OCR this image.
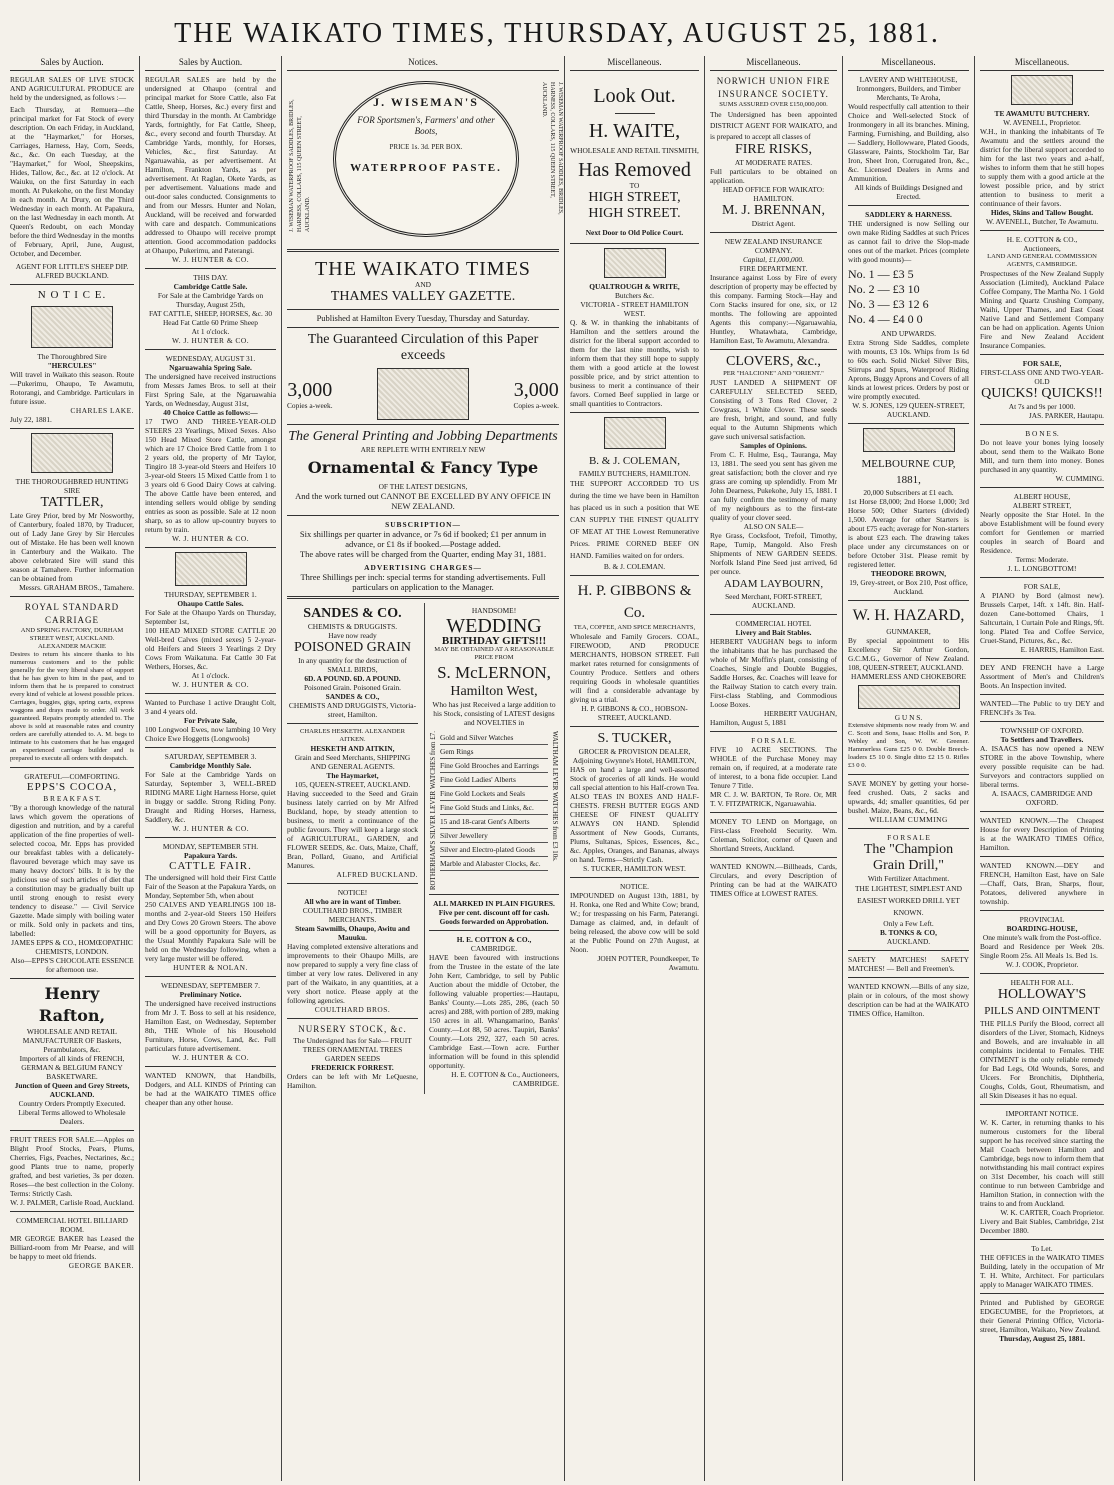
THE WAIKATO TIMES, THURSDAY, AUGUST 25, 1881.
Sales by Auction.
REGULAR SALES OF LIVE STOCK AND AGRICULTURAL PRODUCE are held by the undersigned, as follows :—
Each Thursday, at Remuera—the principal market for Fat Stock of every description. On each Friday, in Auckland, at the "Haymarket," for Horses, Carriages, Harness, Hay, Corn, Seeds, &c., &c. On each Tuesday, at the "Haymarket," for Wool, Sheepskins, Hides, Tallow, &c., &c. at 12 o'clock. At Waiuku, on the first Saturday in each month. At Pukekohe, on the first Monday in each month. At Drury, on the Third Wednesday in each month. At Papakura, on the last Wednesday in each month. At Queen's Redoubt, on each Monday before the third Wednesday in the months of February, April, June, August, October, and December.
AGENT FOR LITTLE'S SHEEP DIP.
ALFRED BUCKLAND.
N O T I C E.
The Thoroughbred Sire
"HERCULES"
Will travel in Waikato this season. Route—Pukerimu, Ohaupo, Te Awamutu, Rotorangi, and Cambridge. Particulars in future issue.
CHARLES LAKE.
July 22, 1881.
THE THOROUGHBRED HUNTING SIRE
TATTLER,
Late Grey Prior, bred by Mr Nosworthy, of Canterbury, foaled 1870, by Traducer, out of Lady Jane Grey by Sir Hercules out of Mistake. He has been well known in Canterbury and the Waikato. The above celebrated Sire will stand this season at Tamahere. Further information can be obtained from
Messrs. GRAHAM BROS., Tamahere.
ROYAL STANDARD CARRIAGE
AND SPRING FACTORY, DURHAM STREET WEST, AUCKLAND.
ALEXANDER MACKIE
Desires to return his sincere thanks to his numerous customers and to the public generally for the very liberal share of support that he has given to him in the past, and to inform them that he is prepared to construct every kind of vehicle at lowest possible prices. Carriages, buggies, gigs, spring carts, express waggons and drays made to order. All work guaranteed. Repairs promptly attended to. The above is sold at reasonable rates and country orders are carefully attended to. A. M. begs to intimate to his customers that he has engaged an experienced carriage builder and is prepared to execute all orders with despatch.
GRATEFUL—COMFORTING.
EPPS'S COCOA,
B R E A K F A S T.
"By a thorough knowledge of the natural laws which govern the operations of digestion and nutrition, and by a careful application of the fine properties of well-selected cocoa, Mr. Epps has provided our breakfast tables with a delicately-flavoured beverage which may save us many heavy doctors' bills. It is by the judicious use of such articles of diet that a constitution may be gradually built up until strong enough to resist every tendency to disease." — Civil Service Gazette. Made simply with boiling water or milk. Sold only in packets and tins, labelled:
JAMES EPPS & CO., HOMŒOPATHIC CHEMISTS, LONDON.
Also—EPPS'S CHOCOLATE ESSENCE for afternoon use.
Henry Rafton,
WHOLESALE AND RETAIL MANUFACTURER OF Baskets, Perambulators, &c.
Importers of all kinds of FRENCH, GERMAN & BELGIUM FANCY BASKETWARE.
Junction of Queen and Grey Streets, AUCKLAND.
Country Orders Promptly Executed.
Liberal Terms allowed to Wholesale Dealers.
FRUIT TREES FOR SALE.—Apples on Blight Proof Stocks, Pears, Plums, Cherries, Figs, Peaches, Nectarines, &c.; good Plants true to name, properly grafted, and best varieties, 3s per dozen. Roses—the best collection in the Colony. Terms: Strictly Cash.
W. J. PALMER, Carlisle Road, Auckland.
COMMERCIAL HOTEL BILLIARD ROOM.
MR GEORGE BAKER has Leased the Billiard-room from Mr Pearse, and will be happy to meet old friends.
GEORGE BAKER.
Sales by Auction.
REGULAR SALES are held by the undersigned at Ohaupo (central and principal market for Store Cattle, also Fat Cattle, Sheep, Horses, &c.) every first and third Thursday in the month. At Cambridge Yards, fortnightly, for Fat Cattle, Sheep, &c., every second and fourth Thursday. At Cambridge Yards, monthly, for Horses, Vehicles, &c., first Saturday. At Ngaruawahia, as per advertisement. At Hamilton, Frankton Yards, as per advertisement. At Raglan, Okete Yards, as per advertisement. Valuations made and out-door sales conducted. Consignments to and from our Messrs. Hunter and Nolan, Auckland, will be received and forwarded with care and despatch. Communications addressed to Ohaupo will receive prompt attention. Good accommodation paddocks at Ohaupo, Pukerimu, and Paterangi.
W. J. HUNTER & CO.
THIS DAY.
Cambridge Cattle Sale.
For Sale at the Cambridge Yards on Thursday, August 25th,
FAT CATTLE, SHEEP, HORSES, &c. 30 Head Fat Cattle 60 Prime Sheep
At 1 o'clock.
W. J. HUNTER & CO.
WEDNESDAY, AUGUST 31.
Ngaruawahia Spring Sale.
The undersigned have received instructions from Messrs James Bros. to sell at their First Spring Sale, at the Ngaruawahia Yards, on Wednesday, August 31st,
40 Choice Cattle as follows:—
17 TWO AND THREE-YEAR-OLD STEERS 23 Yearlings, Mixed Sexes. Also 150 Head Mixed Store Cattle, amongst which are 17 Choice Bred Cattle from 1 to 2 years old, the property of Mr Taylor, Tingiro 18 3-year-old Steers and Heifers 10 3-year-old Steers 15 Mixed Cattle from 1 to 3 years old 6 Good Dairy Cows at calving. The above Cattle have been entered, and intending sellers would oblige by sending entries as soon as possible. Sale at 12 noon sharp, so as to allow up-country buyers to return by train.
W. J. HUNTER & CO.
THURSDAY, SEPTEMBER 1.
Ohaupo Cattle Sales.
For Sale at the Ohaupo Yards on Thursday, September 1st,
100 HEAD MIXED STORE CATTLE 20 Well-bred Calves (mixed sexes) 5 2-year-old Heifers and Steers 3 Yearlings 2 Dry Cows From Waikatuna. Fat Cattle 30 Fat Wethers, Horses, &c.
At 1 o'clock.
W. J. HUNTER & CO.
Wanted to Purchase 1 active Draught Colt, 3 and 4 years old.
For Private Sale,
100 Longwool Ewes, now lambing 10 Very Choice Ewe Hoggetts (Longwools)
SATURDAY, SEPTEMBER 3.
Cambridge Monthly Sale.
For Sale at the Cambridge Yards on Saturday, September 3, WELL-BRED RIDING MARE Light Harness Horse, quiet in buggy or saddle. Strong Riding Pony. Draught and Riding Horses, Harness, Saddlery, &c.
W. J. HUNTER & CO.
MONDAY, SEPTEMBER 5TH.
Papakura Yards.
CATTLE FAIR.
The undersigned will hold their First Cattle Fair of the Season at the Papakura Yards, on Monday, September 5th, when about
250 CALVES AND YEARLINGS 100 18-months and 2-year-old Steers 150 Heifers and Dry Cows 20 Grown Steers. The above will be a good opportunity for Buyers, as the Usual Monthly Papakura Sale will be held on the Wednesday following, when a very large muster will be offered.
HUNTER & NOLAN.
WEDNESDAY, SEPTEMBER 7.
Preliminary Notice.
The undersigned have received instructions from Mr J. T. Boss to sell at his residence, Hamilton East, on Wednesday, September 8th, THE Whole of his Household Furniture, Horse, Cows, Land, &c. Full particulars future advertisement.
W. J. HUNTER & CO.
WANTED KNOWN, that Handbills, Dodgers, and ALL KINDS of Printing can be had at the WAIKATO TIMES office cheaper than any other house.
Notices.
J. WISEMAN WATERPROOF SADDLES, BRIDLES, HARNESS, COLLARS, 115 QUEEN STREET, AUCKLAND.
J. WISEMAN'S
FOR Sportsmen's, Farmers' and other Boots,
PRICE 1s. 3d. PER BOX.
WATERPROOF PASTE.	J. WISEMAN WATERPROOF SADDLES, BRIDLES, HARNESS, COLLARS, 115 QUEEN STREET, AUCKLAND.
THE WAIKATO TIMES
AND
THAMES VALLEY GAZETTE.
Published at Hamilton Every Tuesday, Thursday and Saturday.
The Guaranteed Circulation of this Paper exceeds
3,000
Copies a-week.
3,000
Copies a-week.
The General Printing and Jobbing Departments
ARE REPLETE WITH ENTIRELY NEW
Ornamental & Fancy Type
OF THE LATEST DESIGNS,
And the work turned out CANNOT BE EXCELLED BY ANY OFFICE IN NEW ZEALAND.
SUBSCRIPTION—
Six shillings per quarter in advance, or 7s 6d if booked; £1 per annum in advance, or £1 8s if booked.—Postage added.
The above rates will be charged from the Quarter, ending May 31, 1881.
ADVERTISING CHARGES—
Three Shillings per inch: special terms for standing advertisements. Full particulars on application to the Manager.
SANDES & CO.
CHEMISTS & DRUGGISTS.
Have now ready
POISONED GRAIN
In any quantity for the destruction of SMALL BIRDS,
6D. A POUND. 6D. A POUND.
Poisoned Grain. Poisoned Grain.
SANDES & CO.,
CHEMISTS AND DRUGGISTS, Victoria-street, Hamilton.
CHARLES HESKETH. ALEXANDER AITKEN.
HESKETH AND AITKIN,
Grain and Seed Merchants, SHIPPING AND GENERAL AGENTS.
The Haymarket,
105, QUEEN-STREET, AUCKLAND.
Having succeeded to the Seed and Grain business lately carried on by Mr Alfred Buckland, hope, by steady attention to business, to merit a continuance of the public favours. They will keep a large stock of AGRICULTURAL, GARDEN, and FLOWER SEEDS, &c. Oats, Maize, Chaff, Bran, Pollard, Guano, and Artificial Manures.
ALFRED BUCKLAND.
NOTICE!
All who are in want of Timber.
COULTHARD BROS., TIMBER MERCHANTS.
Steam Sawmills, Ohaupo, Awitu and Mauuku.
Having completed extensive alterations and improvements to their Ohaupo Mills, are now prepared to supply a very fine class of timber at very low rates. Delivered in any part of the Waikato, in any quantities, at a very short notice. Please apply at the following agencies.
COULTHARD BROS.
NURSERY STOCK, &c.
The Undersigned has for Sale— FRUIT TREES ORNAMENTAL TREES GARDEN SEEDS
FREDERICK FORREST.
Orders can be left with Mr LeQuesne, Hamilton.
HANDSOME!
WEDDING
BIRTHDAY GIFTS!!!
MAY BE OBTAINED AT A REASONABLE PRICE FROM
S. McLERNON,
Hamilton West,
Who has just Received a large addition to his Stock, consisting of LATEST designs and NOVELTIES in
ROTHERHAM'S SILVER LEVER WATCHES from £7. Gold and Silver Watches
Gem Rings
Fine Gold Brooches and Earrings
Fine Gold Ladies' Alberts
Fine Gold Lockets and Seals
Fine Gold Studs and Links, &c.
15 and 18-carat Gent's Alberts
Silver Jewellery
Silver and Electro-plated Goods
Marble and Alabaster Clocks, &c.
WALTHAM LEVER WATCHES from £3 10s.
ALL MARKED IN PLAIN FIGURES. Five per cent. discount off for cash.
Goods forwarded on Approbation.
H. E. COTTON & CO.,
CAMBRIDGE.
HAVE been favoured with instructions from the Trustee in the estate of the late John Kerr, Cambridge, to sell by Public Auction about the middle of October, the following valuable properties:—Hautapu, Banks' County.—Lots 285, 286, (each 50 acres) and 288, with portion of 289, making 150 acres in all. Whangamarino, Banks' County.—Lot 88, 50 acres. Taupiri, Banks' County.—Lots 292, 327, each 50 acres. Cambridge East.—Town acre. Further information will be found in this splendid opportunity.
H. E. COTTON & Co., Auctioneers, CAMBRIDGE.
Miscellaneous.
Look Out.
H. WAITE,
WHOLESALE AND RETAIL TINSMITH,
Has Removed
TO
HIGH STREET, HIGH STREET.
Next Door to Old Police Court.
QUALTROUGH & WRITE,
Butchers &c.
VICTORIA - STREET HAMILTON WEST.
Q. & W. in thanking the inhabitants of Hamilton and the settlers around the district for the liberal support accorded to them for the last nine months, wish to inform them that they still hope to supply them with a good article at the lowest possible price, and by strict attention to business to merit a continuance of their favors. Corned Beef supplied in large or small quantities to Contractors.
B. & J. COLEMAN,
FAMILY BUTCHERS, HAMILTON.
THE SUPPORT ACCORDED TO US during the time we have been in Hamilton has placed us in such a position that WE CAN SUPPLY THE FINEST QUALITY OF MEAT AT THE Lowest Remunerative Prices. PRIME CORNED BEEF ON HAND. Families waited on for orders.
B. & J. COLEMAN.
H. P. GIBBONS & Co.
TEA, COFFEE, AND SPICE MERCHANTS,
Wholesale and Family Grocers. COAL, FIREWOOD, AND PRODUCE MERCHANTS, HOBSON STREET. Full market rates returned for consignments of Country Produce. Settlers and others requiring Goods in wholesale quantities will find a considerable advantage by giving us a trial.
H. P. GIBBONS & CO., HOBSON-STREET, AUCKLAND.
S. TUCKER,
GROCER & PROVISION DEALER, Adjoining Gwynne's Hotel, HAMILTON,
HAS on hand a large and well-assorted Stock of groceries of all kinds. He would call special attention to his Half-crown Tea. ALSO TEAS IN BOXES AND HALF-CHESTS. FRESH BUTTER EGGS AND CHEESE OF FINEST QUALITY ALWAYS ON HAND. Splendid Assortment of New Goods, Currants, Plums, Sultanas, Spices, Essences, &c., &c. Apples, Oranges, and Bananas, always on hand. Terms—Strictly Cash.
S. TUCKER, HAMILTON WEST.
NOTICE.
IMPOUNDED on August 13th, 1881, by H. Ronka, one Red and White Cow; brand, W.; for trespassing on his Farm, Paterangi. Damage as claimed, and, in default of being released, the above cow will be sold at the Public Pound on 27th August, at Noon.
JOHN POTTER, Poundkeeper, Te Awamutu.
Miscellaneous.
NORWICH UNION FIRE INSURANCE SOCIETY.
SUMS ASSURED OVER £150,000,000.
The Undersigned has been appointed DISTRICT AGENT FOR WAIKATO, and is prepared to accept all classes of
FIRE RISKS,
AT MODERATE RATES.
Full particulars to be obtained on application.
HEAD OFFICE FOR WAIKATO: HAMILTON.
M. J. BRENNAN,
District Agent.
NEW ZEALAND INSURANCE COMPANY.
Capital, £1,000,000.
FIRE DEPARTMENT.
Insurance against Loss by Fire of every description of property may be effected by this company. Farming Stock—Hay and Corn Stacks insured for one, six, or 12 months. The following are appointed Agents this company:—Ngaruawahia, Huntley, Whatawhata, Cambridge, Hamilton East, Te Awamutu, Alexandra.
CLOVERS, &c.,
PER "HALCIONE" AND "ORIENT."
JUST LANDED A SHIPMENT OF CAREFULLY SELECTED SEED, Consisting of 3 Tons Red Clover, 2 Cowgrass, 1 White Clover. These seeds are fresh, bright, and sound, and fully equal to the Autumn Shipments which gave such universal satisfaction.
Samples of Opinions.
From C. F. Hulme, Esq., Tauranga, May 13, 1881. The seed you sent has given me great satisfaction; both the clover and rye grass are coming up splendidly. From Mr John Dearness, Pukekohe, July 15, 1881. I can fully confirm the testimony of many of my neighbours as to the first-rate quality of your clover seed.
ALSO ON SALE—
Rye Grass, Cocksfoot, Trefoil, Timothy, Rape, Turnip, Mangold. Also Fresh Shipments of NEW GARDEN SEEDS. Norfolk Island Pine Seed just arrived, 6d per ounce.
ADAM LAYBOURN,
Seed Merchant, FORT-STREET, AUCKLAND.
COMMERCIAL HOTEL
Livery and Bait Stables.
HERBERT VAUGHAN begs to inform the inhabitants that he has purchased the whole of Mr Moffin's plant, consisting of Coaches, Single and Double Buggies, Saddle Horses, &c. Coaches will leave for the Railway Station to catch every train. First-class Stabling, and Commodious Loose Boxes.
HERBERT VAUGHAN,
Hamilton, August 5, 1881
F O R S A L E.
FIVE 10 ACRE SECTIONS. The WHOLE of the Purchase Money may remain on, if required, at a moderate rate of interest, to a bona fide occupier. Land Tenure 7 Title.
MR C. J. W. BARTON, Te Rore. Or, MR T. V. FITZPATRICK, Ngaruawahia.
MONEY TO LEND on Mortgage, on First-class Freehold Security. Wm. Coleman, Solicitor, corner of Queen and Shortland Streets, Auckland.
WANTED KNOWN.—Billheads, Cards, Circulars, and every Description of Printing can be had at the WAIKATO TIMES Office at LOWEST RATES.
Miscellaneous.
LAVERY AND WHITEHOUSE,
Ironmongers, Builders, and Timber Merchants, Te Aroha,
Would respectfully call attention to their Choice and Well-selected Stock of Ironmongery in all its branches. Mining, Farming, Furnishing, and Building, also— Saddlery, Hollowware, Plated Goods, Glassware, Paints, Stockholm Tar, Bar Iron, Sheet Iron, Corrugated Iron, &c., &c. Licensed Dealers in Arms and Ammunition.
All kinds of Buildings Designed and Erected.
SADDLERY & HARNESS.
THE undersigned is now Selling our own make Riding Saddles at such Prices as cannot fail to drive the Slop-made ones out of the market. Prices (complete with good mounts)—
No. 1 — £3 5
No. 2 — £3 10
No. 3 — £3 12 6
No. 4 — £4 0 0
AND UPWARDS.
Extra Strong Side Saddles, complete with mounts, £3 10s. Whips from 1s 6d to 60s each. Solid Nickel Silver Bits, Stirrups and Spurs, Waterproof Riding Aprons, Buggy Aprons and Covers of all kinds at lowest prices. Orders by post or wire promptly executed.
W. S. JONES, 129 QUEEN-STREET, AUCKLAND.
MELBOURNE CUP, 1881,
20,000 Subscribers at £1 each.
1st Horse £8,000; 2nd Horse 1,000; 3rd Horse 500; Other Starters (divided) 1,500. Average for other Starters is about £75 each; average for Non-starters is about £23 each. The drawing takes place under any circumstances on or before October 31st. Please remit by registered letter.
THEODORE BROWN,
19, Grey-street, or Box 210, Post office, Auckland.
W. H. HAZARD,
GUNMAKER,
By special appointment to His Excellency Sir Arthur Gordon, G.C.M.G., Governor of New Zealand. 108, QUEEN-STREET, AUCKLAND.
HAMMERLESS AND CHOKEBORE
G U N S.
Extensive shipments now ready from W. and C. Scott and Sons, Isaac Hollis and Son, P. Webley and Son, W. W. Greener. Hammerless Guns £25 0 0. Double Breech-loaders £5 10 0. Single ditto £2 15 0. Rifles £3 0 0.
SAVE MONEY by getting your horse-feed crushed. Oats, 2 sacks and upwards, 4d; smaller quantities, 6d per bushel. Maize, Beans, &c., 6d.
WILLIAM CUMMING
F O R S A L E
The "Champion Grain Drill,"
With Fertilizer Attachment.
THE LIGHTEST, SIMPLEST AND EASIEST WORKED DRILL YET KNOWN.
Only a Few Left.
B. TONKS & CO,
AUCKLAND.
SAFETY MATCHES! SAFETY MATCHES! — Bell and Freemen's.
WANTED KNOWN.—Bills of any size, plain or in colours, of the most showy description can be had at the WAIKATO TIMES Office, Hamilton.
Miscellaneous.
TE AWAMUTU BUTCHERY.
W. AVENELL, Proprietor.
W.H., in thanking the inhabitants of Te Awamutu and the settlers around the district for the liberal support accorded to him for the last two years and a-half, wishes to inform them that he still hopes to supply them with a good article at the lowest possible price, and by strict attention to business to merit a continuance of their favors.
Hides, Skins and Tallow Bought.
W. AVENELL, Butcher, Te Awamutu.
H. E. COTTON & CO.,
Auctioneers,
LAND AND GENERAL COMMISSION AGENTS, CAMBRIDGE.
Prospectuses of the New Zealand Supply Association (Limited), Auckland Palace Coffee Company, The Martha No. 1 Gold Mining and Quartz Crushing Company, Waihi, Upper Thames, and East Coast Native Land and Settlement Company can be had on application. Agents Union Fire and New Zealand Accident Insurance Companies.
FOR SALE,
FIRST-CLASS ONE AND TWO-YEAR-OLD
QUICKS! QUICKS!!
At 7s and 9s per 1000.
JAS. PARKER, Hautapu.
B O N E S.
Do not leave your bones lying loosely about, send them to the Waikato Bone Mill, and turn them into money. Bones purchased in any quantity.
W. CUMMING.
ALBERT HOUSE,
ALBERT STREET,
Nearly opposite the Star Hotel. In the above Establishment will be found every comfort for Gentlemen or married couples in search of Board and Residence.
Terms: Moderate.
J. L. LONGBOTTOM!
FOR SALE,
A PIANO by Bord (almost new). Brussels Carpet, 14ft. x 14ft. 8in. Half-dozen Cane-bottomed Chairs, 1 Saltcurtain, 1 Curtain Pole and Rings, 9ft. long. Plated Tea and Coffee Service, Cruet-Stand, Pictures, &c., &c.
E. HARRIS, Hamilton East.
DEY AND FRENCH have a Large Assortment of Men's and Children's Boots. An Inspection invited.
WANTED—The Public to try DEY and FRENCH's 3s Tea.
TOWNSHIP OF OXFORD.
To Settlers and Travellers.
A. ISAACS has now opened a NEW STORE in the above Township, where every possible requisite can be had. Surveyors and contractors supplied on liberal terms.
A. ISAACS, CAMBRIDGE AND OXFORD.
WANTED KNOWN.—The Cheapest House for every Description of Printing is at the WAIKATO TIMES Office, Hamilton.
WANTED KNOWN.—DEY and FRENCH, Hamilton East, have on Sale—Chaff, Oats, Bran, Sharps, flour, Potatoes, delivered anywhere in township.
PROVINCIAL
BOARDING-HOUSE,
One minute's walk from the Post-office.
Board and Residence per Week 20s. Single Room 25s. All Meals 1s. Bed 1s.
W. J. COOK, Proprietor.
HEALTH FOR ALL.
HOLLOWAY'S
PILLS AND OINTMENT
THE PILLS Purify the Blood, correct all disorders of the Liver, Stomach, Kidneys and Bowels, and are invaluable in all complaints incidental to Females. THE OINTMENT is the only reliable remedy for Bad Legs, Old Wounds, Sores, and Ulcers. For Bronchitis, Diphtheria, Coughs, Colds, Gout, Rheumatism, and all Skin Diseases it has no equal.
IMPORTANT NOTICE.
W. K. Carter, in returning thanks to his numerous customers for the liberal support he has received since starting the Mail Coach between Hamilton and Cambridge, begs now to inform them that notwithstanding his mail contract expires on 31st December, his coach will still continue to run between Cambridge and Hamilton Station, in connection with the trains to and from Auckland.
W. K. CARTER, Coach Proprietor.
Livery and Bait Stables, Cambridge, 21st December 1880.
To Let.
THE OFFICES in the WAIKATO TIMES Building, lately in the occupation of Mr T. H. White, Architect. For particulars apply to Manager WAIKATO TIMES.
Printed and Published by GEORGE EDGECUMBE, for the Proprietors, at their General Printing Office, Victoria-street, Hamilton, Waikato, New Zealand.
Thursday, August 25, 1881.
